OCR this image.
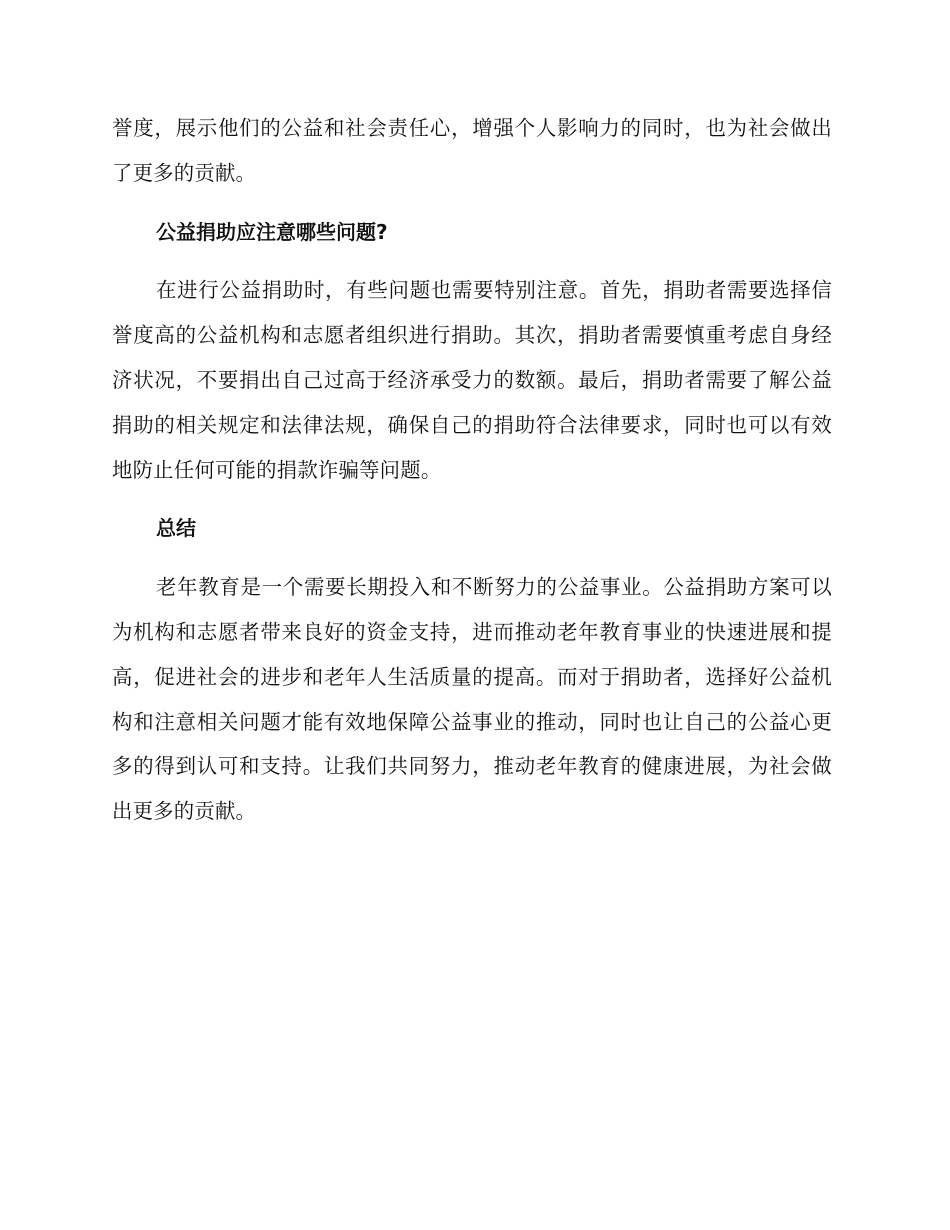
誉度，展示他们的公益和社会责任心，增强个人影响力的同时，也为社会做出了更多的贡献。

公益捐助应注意哪些问题?

在进行公益捐助时，有些问题也需要特别注意。首先，捐助者需要选择信誉度高的公益机构和志愿者组织进行捐助。其次，捐助者需要慎重考虑自身经济状况，不要捐出自己过高于经济承受力的数额。最后，捐助者需要了解公益捐助的相关规定和法律法规，确保自己的捐助符合法律要求，同时也可以有效地防止任何可能的捐款诈骗等问题。

总结

老年教育是一个需要长期投入和不断努力的公益事业。公益捐助方案可以为机构和志愿者带来良好的资金支持，进而推动老年教育事业的快速进展和提高，促进社会的进步和老年人生活质量的提高。而对于捐助者，选择好公益机构和注意相关问题才能有效地保障公益事业的推动，同时也让自己的公益心更多的得到认可和支持。让我们共同努力，推动老年教育的健康进展，为社会做出更多的贡献。
